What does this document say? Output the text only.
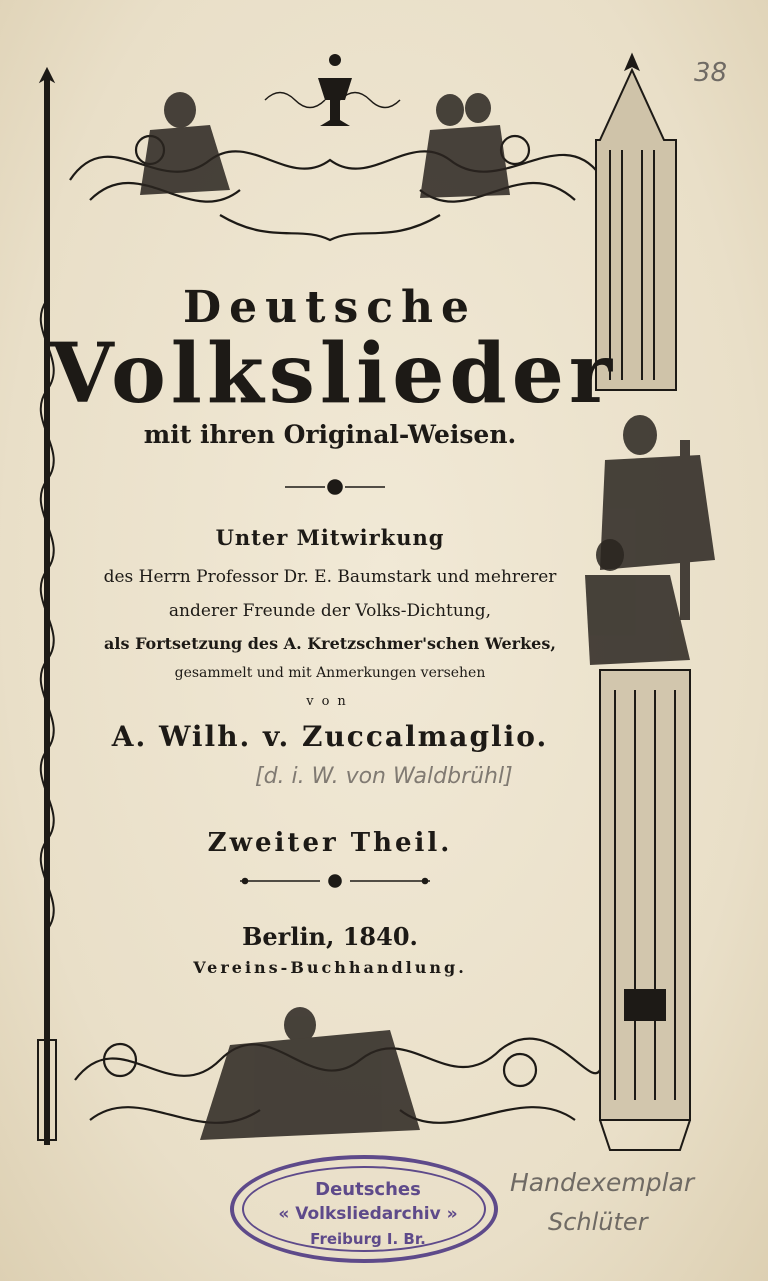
38
Deutsche
Volkslieder
mit ihren Original-Weisen.
Unter Mitwirkung
des Herrn Professor Dr. E. Baumstark und mehrerer
anderer Freunde der Volks-Dichtung,
als Fortsetzung des A. Kretzschmer'schen Werkes,
gesammelt und mit Anmerkungen versehen
von
A. Wilh. v. Zuccalmaglio.
[d. i. W. von Waldbrühl]
Zweiter Theil.
Berlin, 1840.
Vereins-Buchhandlung.
Deutsches
« Volksliedarchiv »
Freiburg I. Br.
Handexemplar
Schlüter
